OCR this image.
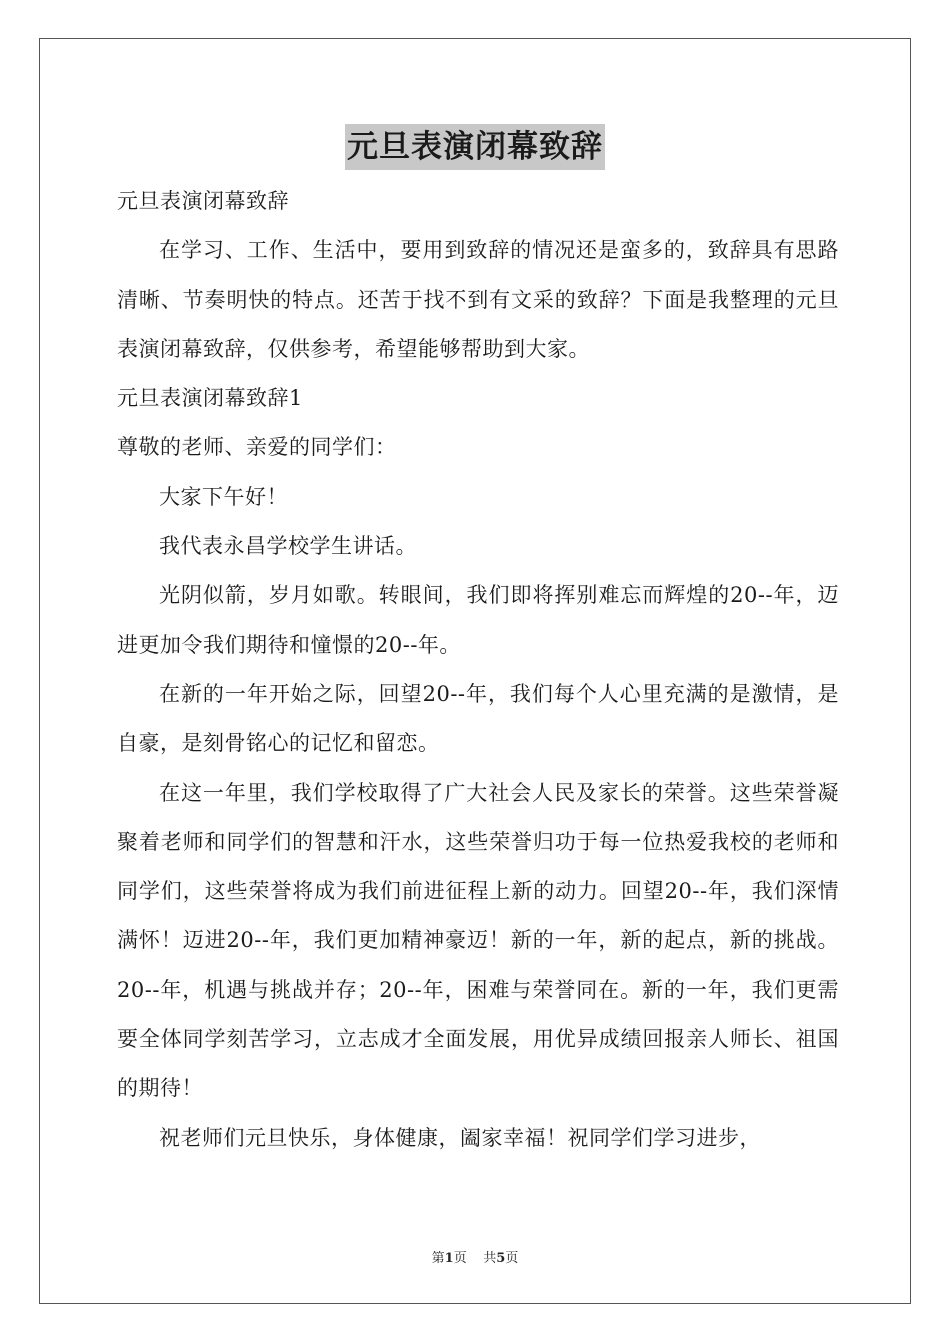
元旦表演闭幕致辞

元旦表演闭幕致辞

在学习、工作、生活中，要用到致辞的情况还是蛮多的，致辞具有思路清晰、节奏明快的特点。还苦于找不到有文采的致辞？下面是我整理的元旦表演闭幕致辞，仅供参考，希望能够帮助到大家。

元旦表演闭幕致辞1

尊敬的老师、亲爱的同学们：

大家下午好！

我代表永昌学校学生讲话。

光阴似箭，岁月如歌。转眼间，我们即将挥别难忘而辉煌的20--年，迈进更加令我们期待和憧憬的20--年。

在新的一年开始之际，回望20--年，我们每个人心里充满的是激情，是自豪，是刻骨铭心的记忆和留恋。

在这一年里，我们学校取得了广大社会人民及家长的荣誉。这些荣誉凝聚着老师和同学们的智慧和汗水，这些荣誉归功于每一位热爱我校的老师和同学们，这些荣誉将成为我们前进征程上新的动力。回望20--年，我们深情满怀！迈进20--年，我们更加精神豪迈！新的一年，新的起点，新的挑战。20--年，机遇与挑战并存；20--年，困难与荣誉同在。新的一年，我们更需要全体同学刻苦学习，立志成才全面发展，用优异成绩回报亲人师长、祖国的期待！

祝老师们元旦快乐，身体健康，阖家幸福！祝同学们学习进步，

第1页 共5页
